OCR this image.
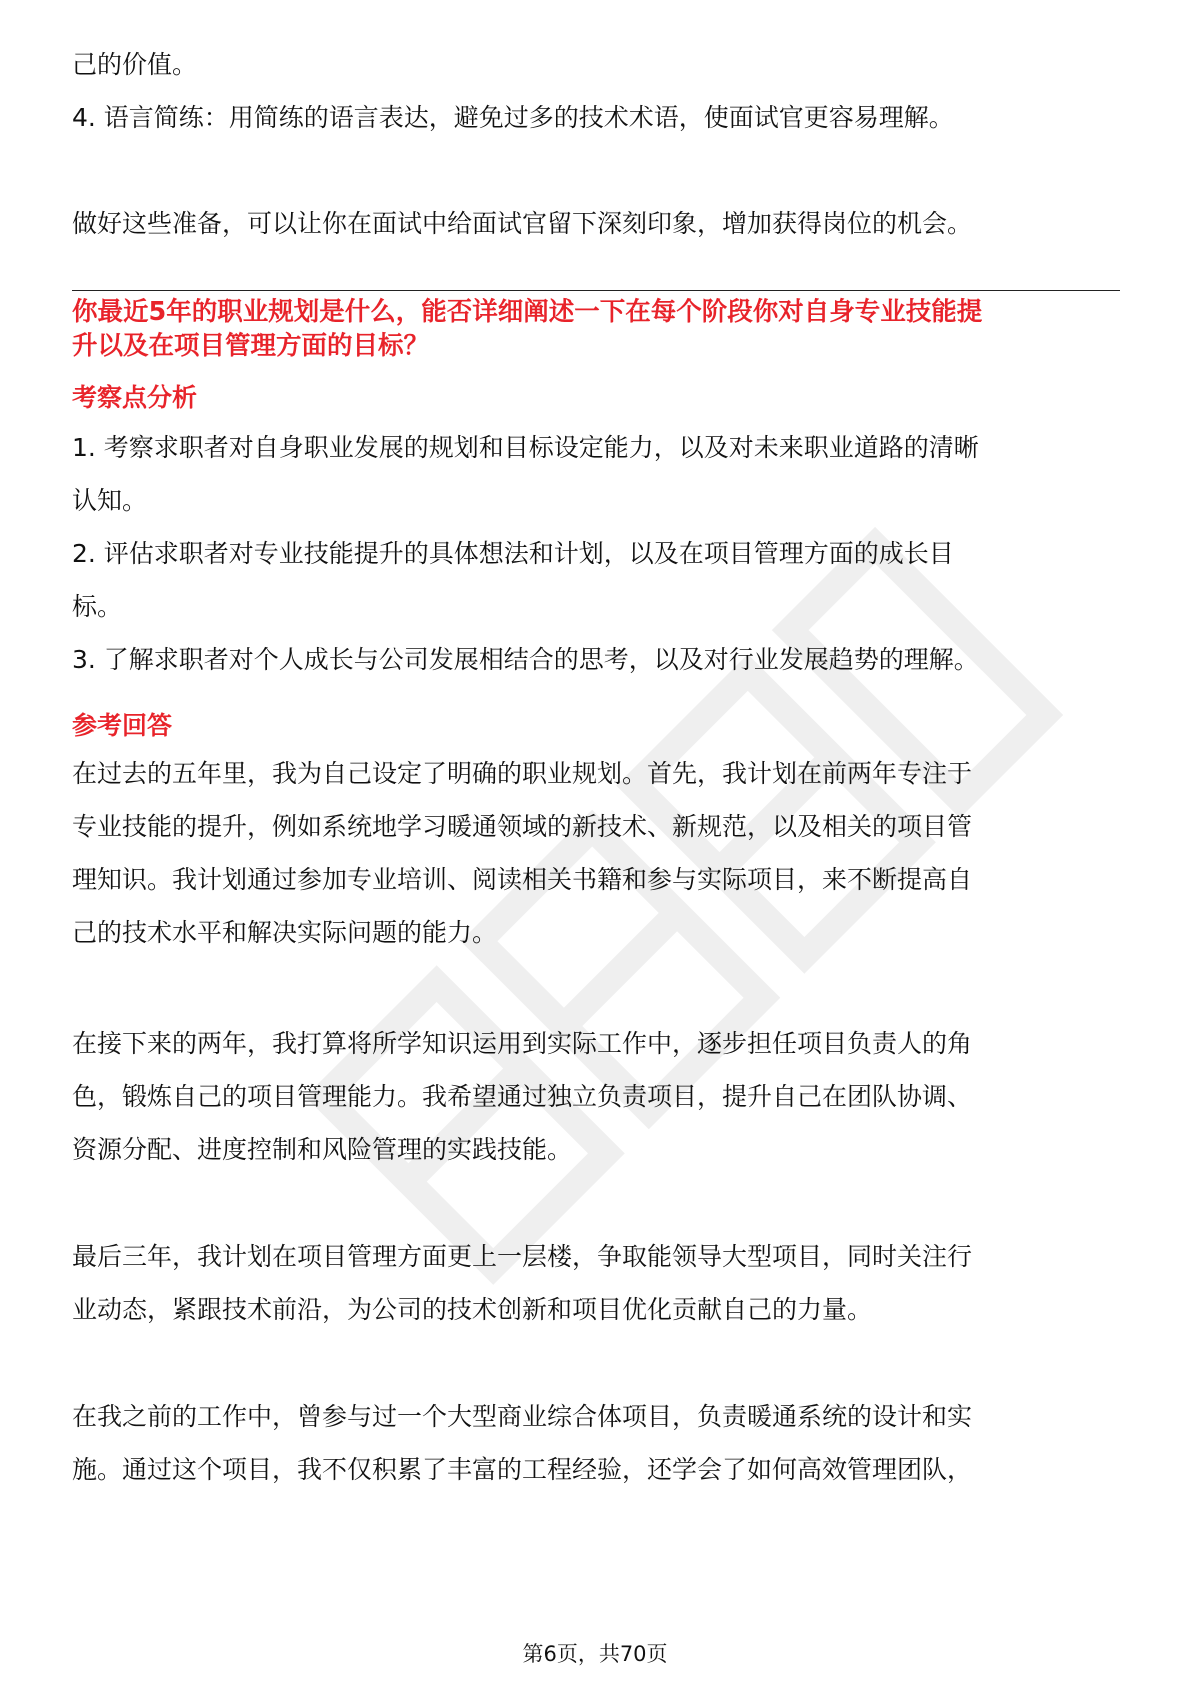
己的价值。
4. 语言简练：用简练的语言表达，避免过多的技术术语，使面试官更容易理解。
做好这些准备，可以让你在面试中给面试官留下深刻印象，增加获得岗位的机会。
你最近5年的职业规划是什么，能否详细阐述一下在每个阶段你对自身专业技能提
升以及在项目管理方面的目标？
考察点分析
1. 考察求职者对自身职业发展的规划和目标设定能力，以及对未来职业道路的清晰
认知。
2. 评估求职者对专业技能提升的具体想法和计划，以及在项目管理方面的成长目
标。
3. 了解求职者对个人成长与公司发展相结合的思考，以及对行业发展趋势的理解。
参考回答
在过去的五年里，我为自己设定了明确的职业规划。首先，我计划在前两年专注于
专业技能的提升，例如系统地学习暖通领域的新技术、新规范，以及相关的项目管
理知识。我计划通过参加专业培训、阅读相关书籍和参与实际项目，来不断提高自
己的技术水平和解决实际问题的能力。
在接下来的两年，我打算将所学知识运用到实际工作中，逐步担任项目负责人的角
色，锻炼自己的项目管理能力。我希望通过独立负责项目，提升自己在团队协调、
资源分配、进度控制和风险管理的实践技能。
最后三年，我计划在项目管理方面更上一层楼，争取能领导大型项目，同时关注行
业动态，紧跟技术前沿，为公司的技术创新和项目优化贡献自己的力量。
在我之前的工作中，曾参与过一个大型商业综合体项目，负责暖通系统的设计和实
施。通过这个项目，我不仅积累了丰富的工程经验，还学会了如何高效管理团队，
第6页，共70页
